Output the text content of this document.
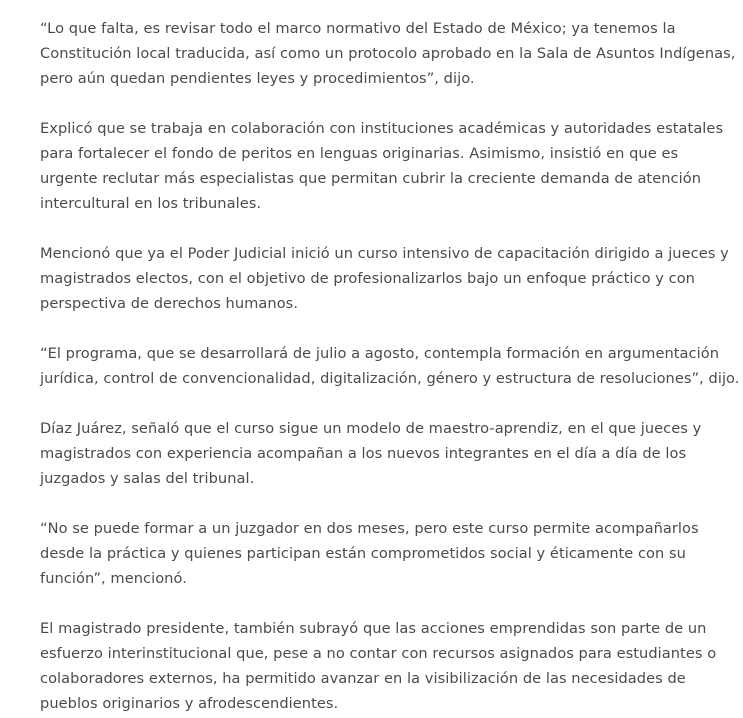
“Lo que falta, es revisar todo el marco normativo del Estado de México; ya tenemos la Constitución local traducida, así como un protocolo aprobado en la Sala de Asuntos Indígenas, pero aún quedan pendientes leyes y procedimientos”, dijo.

Explicó que se trabaja en colaboración con instituciones académicas y autoridades estatales para fortalecer el fondo de peritos en lenguas originarias. Asimismo, insistió en que es urgente reclutar más especialistas que permitan cubrir la creciente demanda de atención intercultural en los tribunales.

Mencionó que ya el Poder Judicial inició un curso intensivo de capacitación dirigido a jueces y magistrados electos, con el objetivo de profesionalizarlos bajo un enfoque práctico y con perspectiva de derechos humanos.

“El programa, que se desarrollará de julio a agosto, contempla formación en argumentación jurídica, control de convencionalidad, digitalización, género y estructura de resoluciones”, dijo.

Díaz Juárez, señaló que el curso sigue un modelo de maestro-aprendiz, en el que jueces y magistrados con experiencia acompañan a los nuevos integrantes en el día a día de los juzgados y salas del tribunal.

“No se puede formar a un juzgador en dos meses, pero este curso permite acompañarlos desde la práctica y quienes participan están comprometidos social y éticamente con su función”, mencionó.

El magistrado presidente, también subrayó que las acciones emprendidas son parte de un esfuerzo interinstitucional que, pese a no contar con recursos asignados para estudiantes o colaboradores externos, ha permitido avanzar en la visibilización de las necesidades de pueblos originarios y afrodescendientes.
